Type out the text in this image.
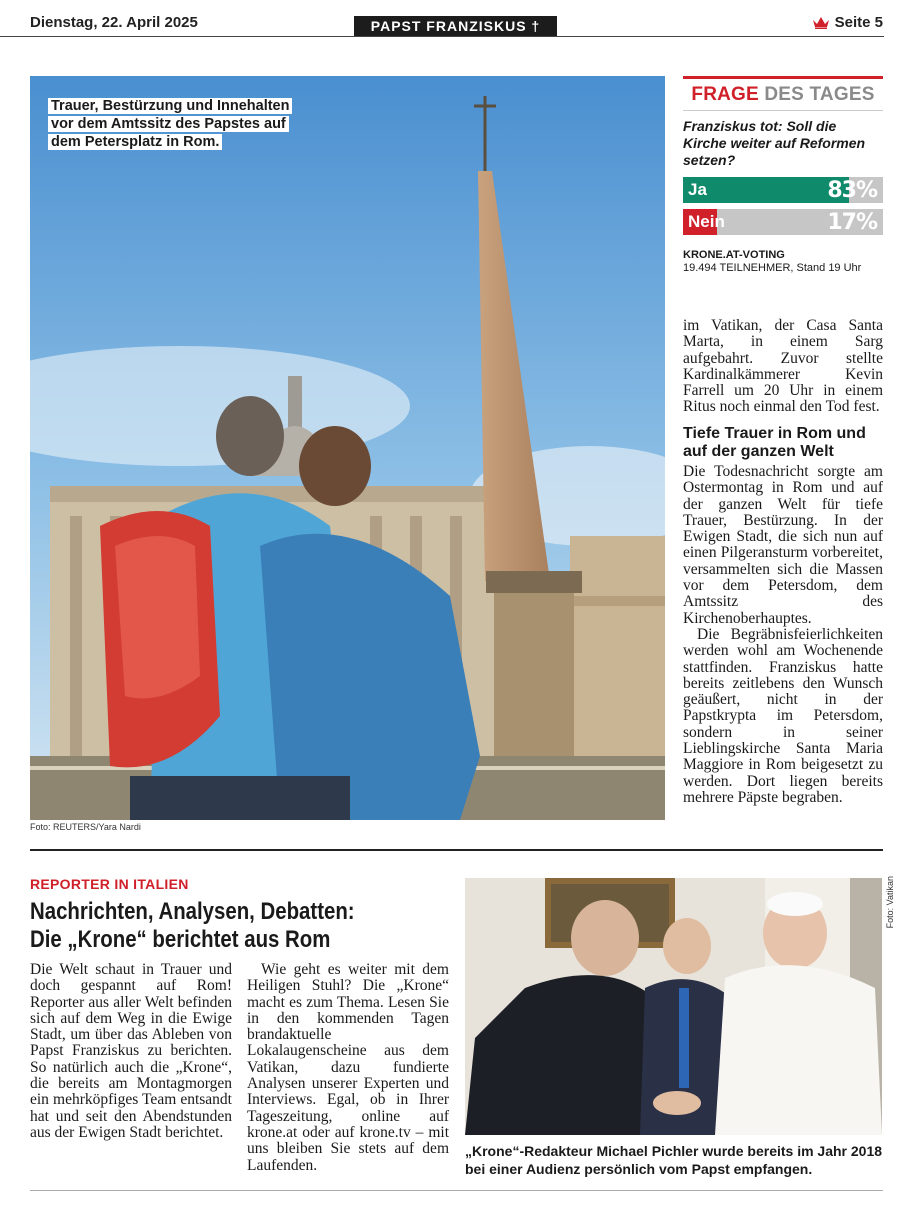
Dienstag, 22. April 2025	PAPST FRANZISKUS †	Seite 5
Trauer, Bestürzung und Innehalten vor dem Amtssitz des Papstes auf dem Petersplatz in Rom.
Foto: REUTERS/Yara Nardi
FRAGE DES TAGES
Franziskus tot: Soll die Kirche weiter auf Reformen setzen?
Ja	83%
Nein	17%
KRONE.AT-VOTING
19.494 TEILNEHMER, Stand 19 Uhr
im Vatikan, der Casa Santa Marta, in einem Sarg aufgebahrt. Zuvor stellte Kardinalkämmerer Kevin Farrell um 20 Uhr in einem Ritus noch einmal den Tod fest.
Tiefe Trauer in Rom und auf der ganzen Welt

Die Todesnachricht sorgte am Ostermontag in Rom und auf der ganzen Welt für tiefe Trauer, Bestürzung. In der Ewigen Stadt, die sich nun auf einen Pilgeransturm vorbereitet, versammelten sich die Massen vor dem Petersdom, dem Amtssitz des Kirchenoberhauptes.

Die Begräbnisfeierlichkeiten werden wohl am Wochenende stattfinden. Franziskus hatte bereits zeitlebens den Wunsch geäußert, nicht in der Papstkrypta im Petersdom, sondern in seiner Lieblingskirche Santa Maria Maggiore in Rom beigesetzt zu werden. Dort liegen bereits mehrere Päpste begraben.

REPORTER IN ITALIEN
Nachrichten, Analysen, Debatten:
Die „Krone“ berichtet aus Rom
Die Welt schaut in Trauer und doch gespannt auf Rom! Reporter aus aller Welt befinden sich auf dem Weg in die Ewige Stadt, um über das Ableben von Papst Franziskus zu berichten. So natürlich auch die „Krone“, die bereits am Montagmorgen ein mehrköpfiges Team entsandt hat und seit den Abendstunden aus der Ewigen Stadt berichtet.

Wie geht es weiter mit dem Heiligen Stuhl? Die „Krone“ macht es zum Thema. Lesen Sie in den kommenden Tagen brandaktuelle Lokalaugenscheine aus dem Vatikan, dazu fundierte Analysen unserer Experten und Interviews. Egal, ob in Ihrer Tageszeitung, online auf krone.at oder auf krone.tv – mit uns bleiben Sie stets auf dem Laufenden.

Foto: Vatikan
„Krone“-Redakteur Michael Pichler wurde bereits im Jahr 2018 bei einer Audienz persönlich vom Papst empfangen.
